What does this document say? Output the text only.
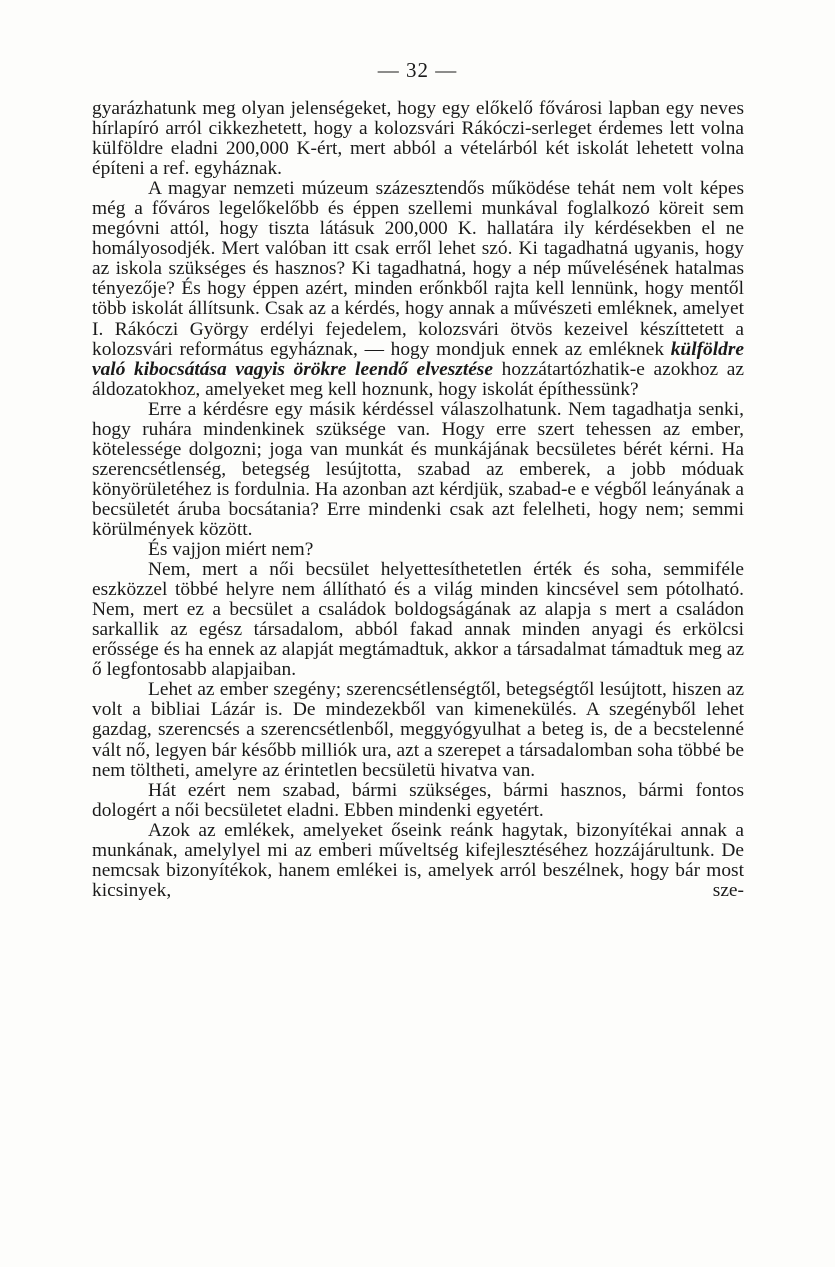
— 32 —

gyarázhatunk meg olyan jelenségeket, hogy egy előkelő fővárosi lapban egy neves hírlapíró arról cikkezhetett, hogy a kolozsvári Rákóczi-serleget érdemes lett volna külföldre eladni 200,000 K-ért, mert abból a vételárból két iskolát lehetett volna építeni a ref. egyháznak.

A magyar nemzeti múzeum százesztendős működése tehát nem volt képes még a főváros legelőkelőbb és éppen szellemi munkával foglalkozó köreit sem megóvni attól, hogy tiszta látásuk 200,000 K. hallatára ily kérdésekben el ne homályosodjék. Mert valóban itt csak erről lehet szó. Ki tagadhatná ugyanis, hogy az iskola szükséges és hasznos? Ki tagadhatná, hogy a nép művelésének hatalmas tényezője? És hogy éppen azért, minden erőnkből rajta kell lennünk, hogy mentől több iskolát állítsunk. Csak az a kérdés, hogy annak a művészeti emléknek, amelyet I. Rákóczi György erdélyi fejedelem, kolozsvári ötvös kezeivel készíttetett a kolozsvári református egyháznak, — hogy mondjuk ennek az emléknek külföldre való kibocsátása vagyis örökre leendő elvesztése hozzátartózhatik-e azokhoz az áldozatokhoz, amelyeket meg kell hoznunk, hogy iskolát építhessünk?

Erre a kérdésre egy másik kérdéssel válaszolhatunk. Nem tagadhatja senki, hogy ruhára mindenkinek szüksége van. Hogy erre szert tehessen az ember, kötelessége dolgozni; joga van munkát és munkájának becsületes bérét kérni. Ha szerencsétlenség, betegség lesújtotta, szabad az emberek, a jobb móduak könyörületéhez is fordulnia. Ha azonban azt kérdjük, szabad-e e végből leányának a becsületét áruba bocsátania? Erre mindenki csak azt felelheti, hogy nem; semmi körülmények között.

És vajjon miért nem?

Nem, mert a női becsület helyettesíthetetlen érték és soha, semmiféle eszközzel többé helyre nem állítható és a világ minden kincsével sem pótolható. Nem, mert ez a becsület a családok boldogságának az alapja s mert a családon sarkallik az egész társadalom, abból fakad annak minden anyagi és erkölcsi erőssége és ha ennek az alapját megtámadtuk, akkor a társadalmat támadtuk meg az ő legfontosabb alapjaiban.

Lehet az ember szegény; szerencsétlenségtől, betegségtől lesújtott, hiszen az volt a bibliai Lázár is. De mindezekből van kimenekülés. A szegényből lehet gazdag, szerencsés a szerencsétlenből, meggyógyulhat a beteg is, de a becstelenné vált nő, legyen bár később milliók ura, azt a szerepet a társadalomban soha többé be nem töltheti, amelyre az érintetlen becsületü hivatva van.

Hát ezért nem szabad, bármi szükséges, bármi hasznos, bármi fontos dologért a női becsületet eladni. Ebben mindenki egyetért.

Azok az emlékek, amelyeket őseink reánk hagytak, bizonyítékai annak a munkának, amelylyel mi az emberi műveltség kifejlesztéséhez hozzájárultunk. De nemcsak bizonyítékok, hanem emlékei is, amelyek arról beszélnek, hogy bár most kicsinyek, sze-
